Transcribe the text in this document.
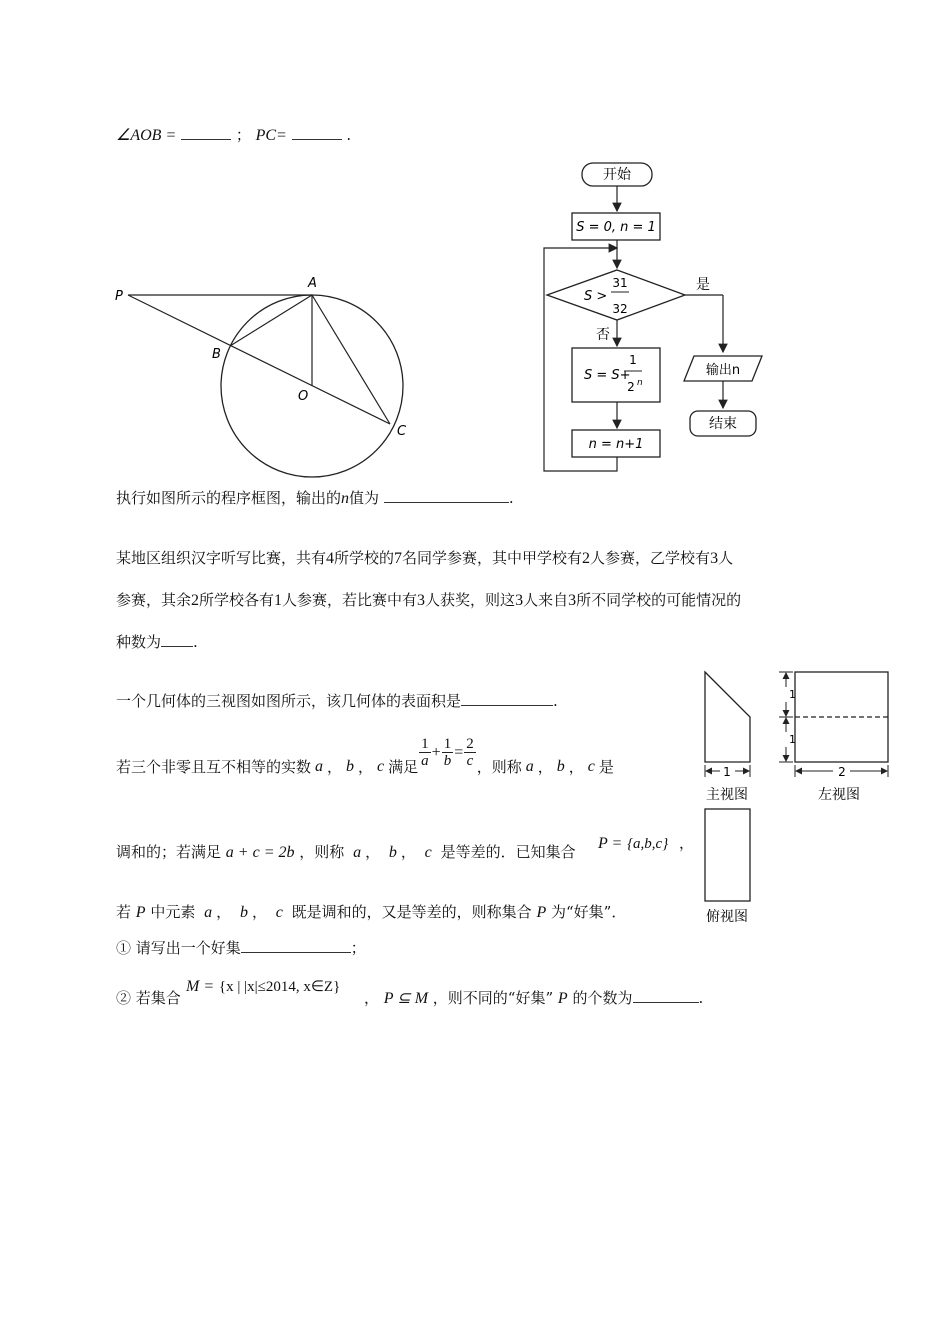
∠AOB =	； PC=	.
P
A
B
O
C
开始
S = 0, n = 1
S >
31
32
是
否
S = S+
1
2 n
n = n+1
输出n
结束
执行如图所示的程序框图，输出的n值为	.
某地区组织汉字听写比赛，共有4所学校的7名同学参赛，其中甲学校有2人参赛，乙学校有3人
参赛，其余2所学校各有1人参赛，若比赛中有3人获奖，则这3人来自3所不同学校的可能情况的
种数为 .
一个几何体的三视图如图所示，该几何体的表面积是	.
1
主视图
1
1
2
左视图
俯视图
若三个非零且互不相等的实数 a ， b ， c 满足 $\frac{1}{a} + \frac{1}{b} = \frac{2}{c}$ ，则称 a ， b ， c 是
调和的；若满足 a + c = 2b ，则称 a ， b ， c 是等差的．已知集合 P = {a,b,c} ，
若 P 中元素 a ， b ， c 既是调和的，又是等差的，则称集合 P 为“好集”．
① 请写出一个好集	；
② 若集合
M = {x | |x|≤2014, x∈Z}
， P ⊆ M ，则不同的“好集” P 的个数为	.
